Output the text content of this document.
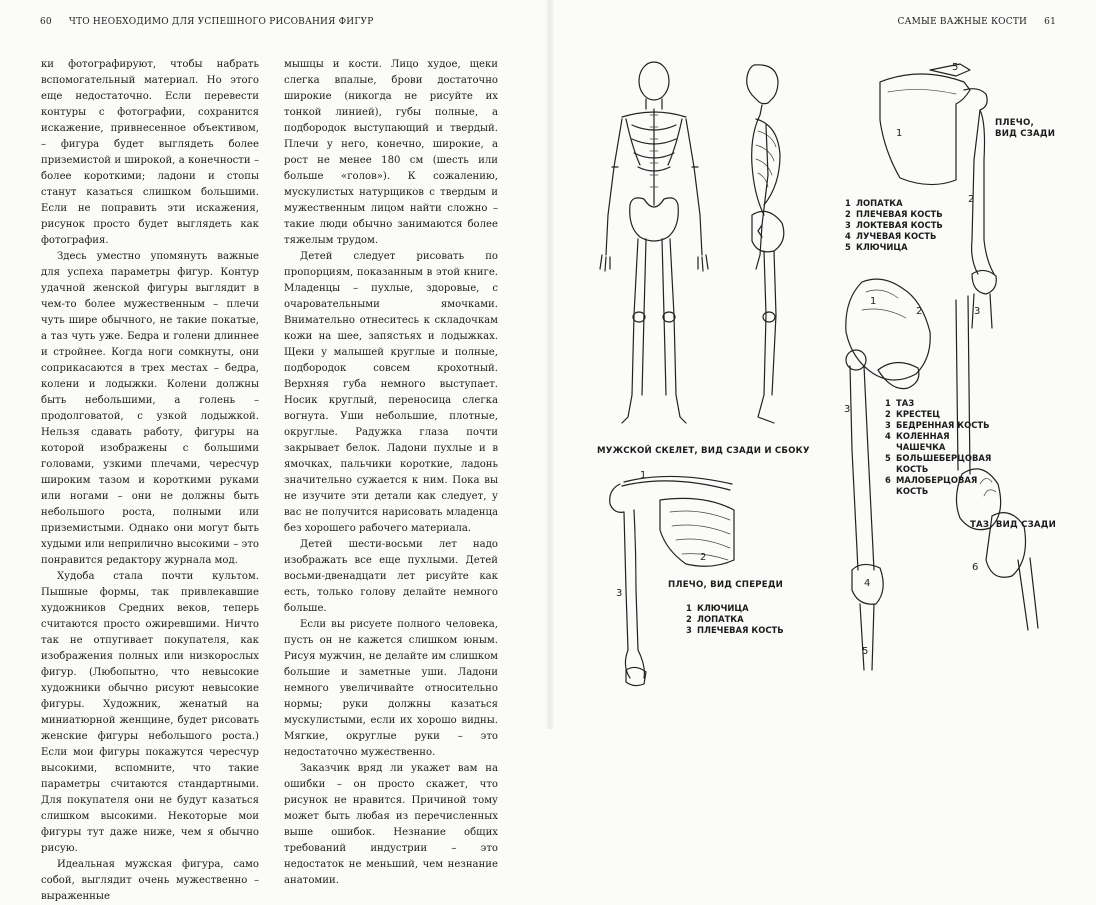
60 ЧТО НЕОБХОДИМО ДЛЯ УСПЕШНОГО РИСОВАНИЯ ФИГУР	САМЫЕ ВАЖНЫЕ КОСТИ 61

ки фотографируют, чтобы набрать вспомогательный материал. Но этого еще недостаточно. Если перевести контуры с фотографии, сохранится искажение, привнесенное объективом, – фигура будет выглядеть более приземистой и широкой, а конечности – более короткими; ладони и стопы станут казаться слишком большими. Если не поправить эти искажения, рисунок просто будет выглядеть как фотография.

Здесь уместно упомянуть важные для успеха параметры фигур. Контур удачной женской фигуры выглядит в чем-то более мужественным – плечи чуть шире обычного, не такие покатые, а таз чуть уже. Бедра и голени длиннее и стройнее. Когда ноги сомкнуты, они соприкасаются в трех местах – бедра, колени и лодыжки. Колени должны быть небольшими, а голень – продолговатой, с узкой лодыжкой. Нельзя сдавать работу, фигуры на которой изображены с большими головами, узкими плечами, чересчур широким тазом и короткими руками или ногами – они не должны быть небольшого роста, полными или приземистыми. Однако они могут быть худыми или неприлично высокими – это понравится редактору журнала мод.

Худоба стала почти культом. Пышные формы, так привлекавшие художников Средних веков, теперь считаются просто ожиревшими. Ничто так не отпугивает покупателя, как изображения полных или низкорослых фигур. (Любопытно, что невысокие художники обычно рисуют невысокие фигуры. Художник, женатый на миниатюрной женщине, будет рисовать женские фигуры небольшого роста.) Если мои фигуры покажутся чересчур высокими, вспомните, что такие параметры считаются стандартными. Для покупателя они не будут казаться слишком высокими. Некоторые мои фигуры тут даже ниже, чем я обычно рисую.

Идеальная мужская фигура, само собой, выглядит очень мужественно – выраженные

мышцы и кости. Лицо худое, щеки слегка впалые, брови достаточно широкие (никогда не рисуйте их тонкой линией), губы полные, а подбородок выступающий и твердый. Плечи у него, конечно, широкие, а рост не менее 180 см (шесть или больше «голов»). К сожалению, мускулистых натурщиков с твердым и мужественным лицом найти сложно – такие люди обычно занимаются более тяжелым трудом.

Детей следует рисовать по пропорциям, показанным в этой книге. Младенцы – пухлые, здоровые, с очаровательными ямочками. Внимательно отнеситесь к складочкам кожи на шее, запястьях и лодыжках. Щеки у малышей круглые и полные, подбородок совсем крохотный. Верхняя губа немного выступает. Носик круглый, переносица слегка вогнута. Уши небольшие, плотные, округлые. Радужка глаза почти закрывает белок. Ладони пухлые и в ямочках, пальчики короткие, ладонь значительно сужается к ним. Пока вы не изучите эти детали как следует, у вас не получится нарисовать младенца без хорошего рабочего материала.

Детей шести-восьми лет надо изображать все еще пухлыми. Детей восьми-двенадцати лет рисуйте как есть, только голову делайте немного больше.

Если вы рисуете полного человека, пусть он не кажется слишком юным. Рисуя мужчин, не делайте им слишком большие и заметные уши. Ладони немного увеличивайте относительно нормы; руки должны казаться мускулистыми, если их хорошо видны. Мягкие, округлые руки – это недостаточно мужественно.

Заказчик вряд ли укажет вам на ошибки – он просто скажет, что рисунок не нравится. Причиной тому может быть любая из перечисленных выше ошибок. Незнание общих требований индустрии – это недостаток не меньший, чем незнание анатомии.

МУЖСКОЙ СКЕЛЕТ, ВИД СЗАДИ И СБОКУ
1
2
3
5
ПЛЕЧО,
ВИД СЗАДИ
1 ЛОПАТКА
2 ПЛЕЧЕВАЯ КОСТЬ
3 ЛОКТЕВАЯ КОСТЬ
4 ЛУЧЕВАЯ КОСТЬ
5 КЛЮЧИЦА
1
2
3
4
5
6
1 ТАЗ
2 КРЕСТЕЦ
3 БЕДРЕННАЯ КОСТЬ
4 КОЛЕННАЯ
ЧАШЕЧКА
5 БОЛЬШЕБЕРЦОВАЯ
КОСТЬ
6 МАЛОБЕРЦОВАЯ
КОСТЬ
ТАЗ, ВИД СЗАДИ
1
2
3
ПЛЕЧО, ВИД СПЕРЕДИ
1 КЛЮЧИЦА
2 ЛОПАТКА
3 ПЛЕЧЕВАЯ КОСТЬ
